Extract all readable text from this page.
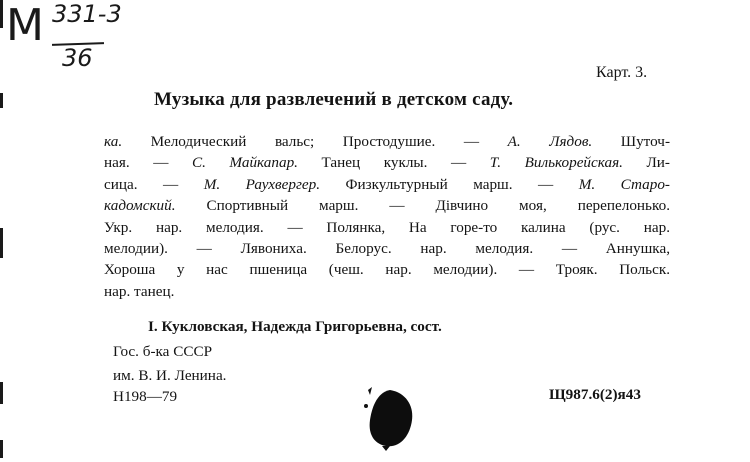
M 331-3
36
Карт. 3.
Музыка для развлечений в детском саду.
ка. Мелодический вальс; Простодушие. — А. Лядов. Шуточ-
ная. — С. Майкапар. Танец куклы. — Т. Вилькорейская. Ли-
сица. — М. Раухвергер. Физкультурный марш. — М. Старо-
кадомский. Спортивный марш. — Дівчино моя, перепелонько.
Укр. нар. мелодия. — Полянка, На горе-то калина (рус. нар.
мелодии). — Лявониха. Белорус. нар. мелодия. — Аннушка,
Хороша у нас пшеница (чеш. нар. мелодии). — Трояк. Польск.
нар. танец.
I. Кукловская, Надежда Григорьевна, сост.
Гос. б-ка СССР
им. В. И. Ленина.
Н198—79	Щ987.6(2)я43
